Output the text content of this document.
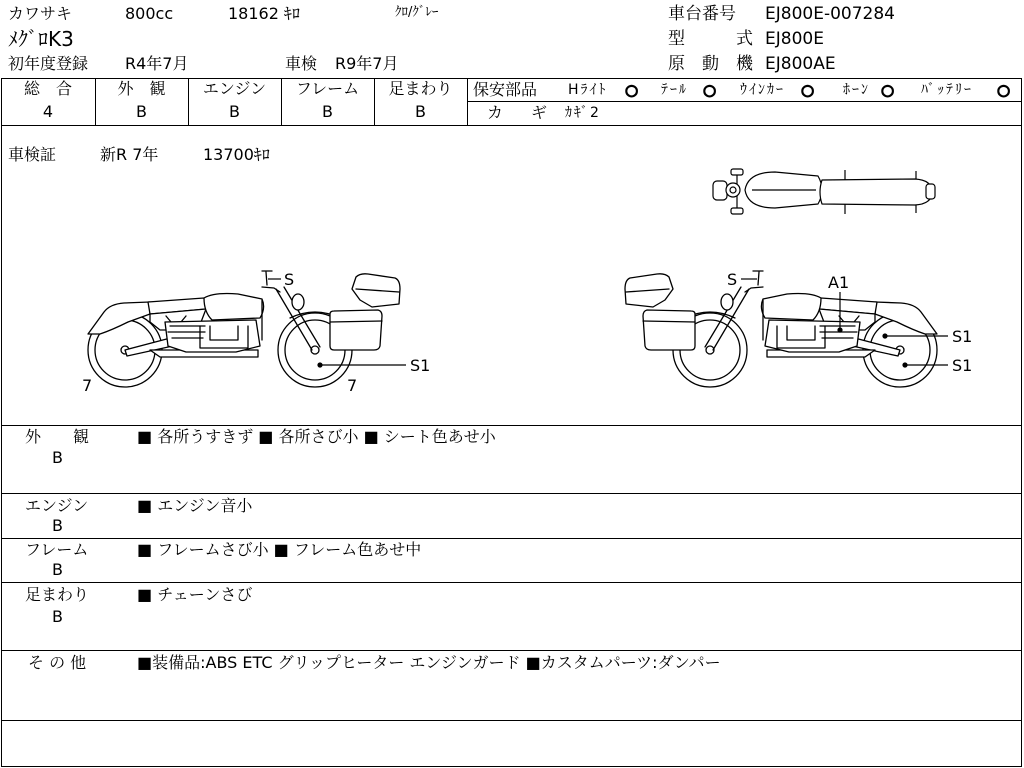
カワサキ	800cc	18162 ｷﾛ	ｸﾛ/ｸﾞﾚｰ
ﾒｸﾞﾛK3
初年度登録 R4年7月	車検 R9年7月
車台番号 EJ800E-007284
型　　　式 EJ800E
原　動　機 EJ800AE
総　合
4
外　観
B
エンジン
B
フレーム
B
足まわり
B
保安部品 Hﾗｲﾄ ○ ﾃｰﾙ ○ ｳｲﾝｶｰ ○ ﾎｰﾝ ○ ﾊﾞｯﾃﾘｰ ○
カ　ギ ｶｷﾞ2
車検証	新R 7年	13700ｷﾛ
S
S1
7	7
S	A1
S1
S1
外　　観
B
■ 各所うすきず ■ 各所さび小 ■ シート色あせ小
エンジン
B
■ エンジン音小
フレーム
B
■ フレームさび小 ■ フレーム色あせ中
足まわり
B
■ チェーンさび
そ の 他	■装備品:ABS ETC グリップヒーター エンジンガード ■カスタムパーツ:ダンパー
